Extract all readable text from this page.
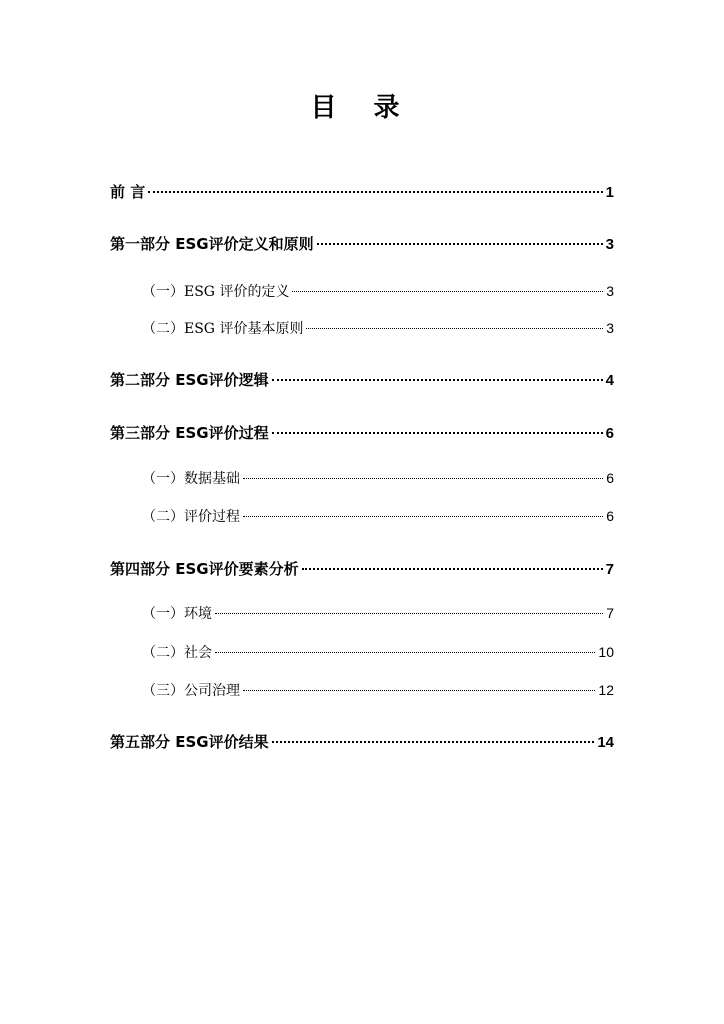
目 录
前 言	1
第一部分 ESG评价定义和原则	3
（一）ESG 评价的定义	3
（二）ESG 评价基本原则	3
第二部分 ESG评价逻辑	4
第三部分 ESG评价过程	6
（一）数据基础	6
（二）评价过程	6
第四部分 ESG评价要素分析	7
（一）环境	7
（二）社会	10
（三）公司治理	12
第五部分 ESG评价结果	14
